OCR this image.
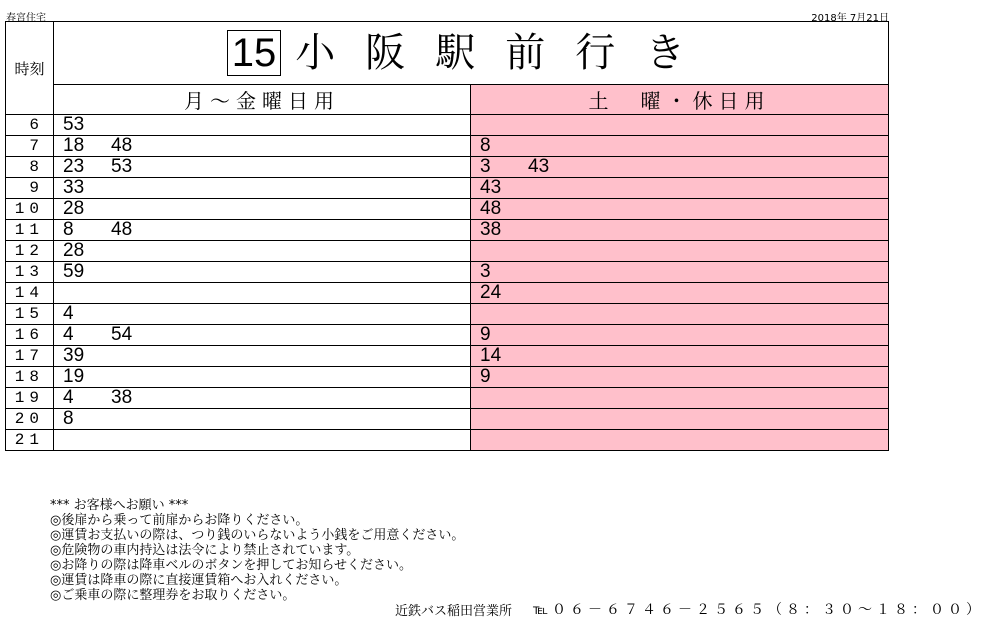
春宮住宅	2018年 7月21日
時刻	15 小阪駅前行き	
	月～金曜日用	土　曜・休日用
6	53	
7	18 48	8
8	23 53	3 43
9	33	43
10	28	48
11	8 48	38
12	28	
13	59	3
14		24
15	4	
16	4 54	9
17	39	14
18	19	9
19	4 38	
20	8	
21		
*** お客様へお願い ***
◎後扉から乗って前扉からお降りください。
◎運賃お支払いの際は、つり銭のいらないよう小銭をご用意ください。
◎危険物の車内持込は法令により禁止されています。
◎お降りの際は降車ベルのボタンを押してお知らせください。
◎運賃は降車の際に直接運賃箱へお入れください。
◎ご乗車の際に整理券をお取りください。
近鉄バス稲田営業所 ℡０６－６７４６－２５６５（８：３０～１８：００）
